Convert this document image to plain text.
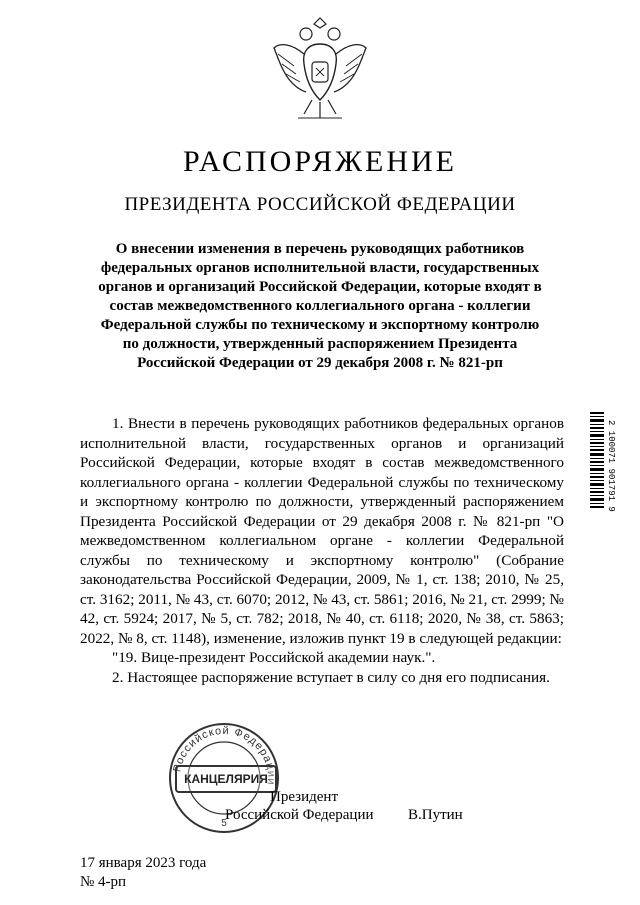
РАСПОРЯЖЕНИЕ
ПРЕЗИДЕНТА РОССИЙСКОЙ ФЕДЕРАЦИИ

О внесении изменения в перечень руководящих работников федеральных органов исполнительной власти, государственных органов и организаций Российской Федерации, которые входят в состав межведомственного коллегиального органа - коллегии Федеральной службы по техническому и экспортному контролю по должности, утвержденный распоряжением Президента Российской Федерации от 29 декабря 2008 г. № 821-рп

1. Внести в перечень руководящих работников федеральных органов исполнительной власти, государственных органов и организаций Российской Федерации, которые входят в состав межведомственного коллегиального органа - коллегии Федеральной службы по техническому и экспортному контролю по должности, утвержденный распоряжением Президента Российской Федерации от 29 декабря 2008 г. № 821-рп "О межведомственном коллегиальном органе - коллегии Федеральной службы по техническому и экспортному контролю" (Собрание законодательства Российской Федерации, 2009, № 1, ст. 138; 2010, № 25, ст. 3162; 2011, № 43, ст. 6070; 2012, № 43, ст. 5861; 2016, № 21, ст. 2999; № 42, ст. 5924; 2017, № 5, ст. 782; 2018, № 40, ст. 6118; 2020, № 38, ст. 5863; 2022, № 8, ст. 1148), изменение, изложив пункт 19 в следующей редакции:

"19. Вице-президент Российской академии наук.".

2. Настоящее распоряжение вступает в силу со дня его подписания.

2 100071 901791 9
Российской Федерации
5
КАНЦЕЛЯРИЯ
Президент
Российской Федерации В.Путин
17 января 2023 года
№ 4-рп
